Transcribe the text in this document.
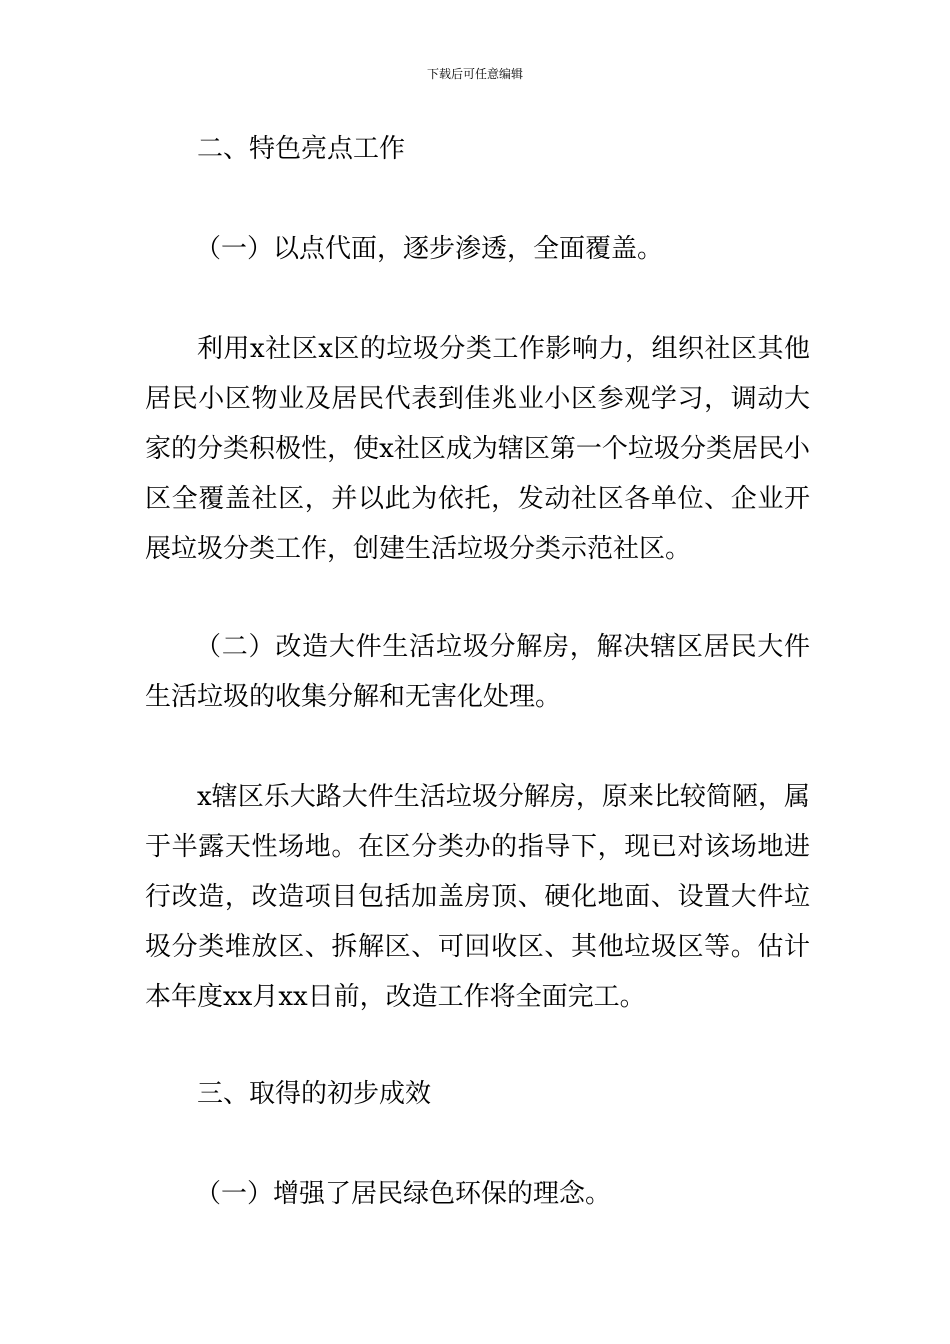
下载后可任意编辑

二、特色亮点工作

（一）以点代面，逐步渗透，全面覆盖。

利用x社区x区的垃圾分类工作影响力，组织社区其他居民小区物业及居民代表到佳兆业小区参观学习，调动大家的分类积极性，使x社区成为辖区第一个垃圾分类居民小区全覆盖社区，并以此为依托，发动社区各单位、企业开展垃圾分类工作，创建生活垃圾分类示范社区。

（二）改造大件生活垃圾分解房，解决辖区居民大件生活垃圾的收集分解和无害化处理。

x辖区乐大路大件生活垃圾分解房，原来比较简陋，属于半露天性场地。在区分类办的指导下，现已对该场地进行改造，改造项目包括加盖房顶、硬化地面、设置大件垃圾分类堆放区、拆解区、可回收区、其他垃圾区等。估计本年度xx月xx日前，改造工作将全面完工。

三、取得的初步成效

（一）增强了居民绿色环保的理念。
